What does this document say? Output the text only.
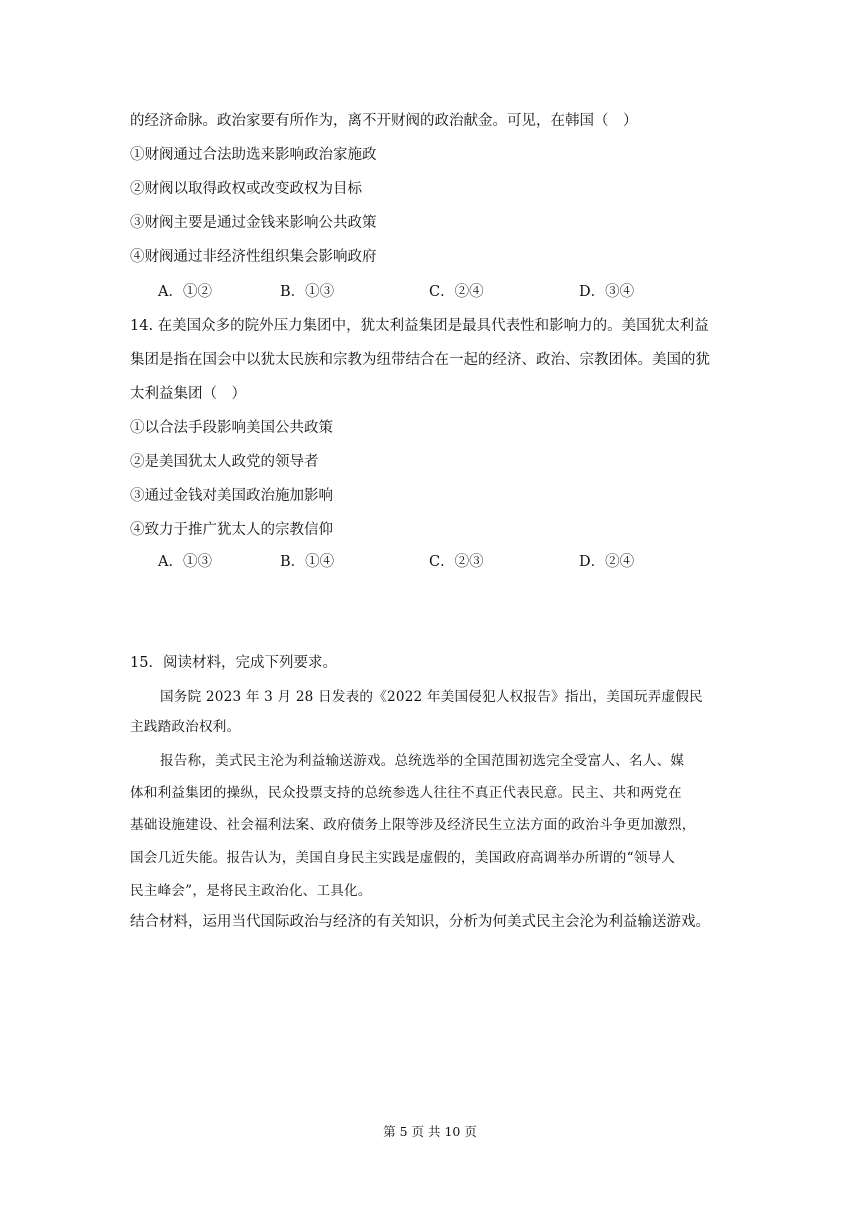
的经济命脉。政治家要有所作为，离不开财阀的政治献金。可见，在韩国（　）
①财阀通过合法助选来影响政治家施政
②财阀以取得政权或改变政权为目标
③财阀主要是通过金钱来影响公共政策
④财阀通过非经济性组织集会影响政府
A．①②	B．①③	C．②④	D．③④
14. 在美国众多的院外压力集团中，犹太利益集团是最具代表性和影响力的。美国犹太利益
集团是指在国会中以犹太民族和宗教为纽带结合在一起的经济、政治、宗教团体。美国的犹
太利益集团（　）
①以合法手段影响美国公共政策
②是美国犹太人政党的领导者
③通过金钱对美国政治施加影响
④致力于推广犹太人的宗教信仰
A．①③	B．①④	C．②③	D．②④
15．阅读材料，完成下列要求。
国务院 2023 年 3 月 28 日发表的《2022 年美国侵犯人权报告》指出，美国玩弄虚假民
主践踏政治权利。
报告称，美式民主沦为利益输送游戏。总统选举的全国范围初选完全受富人、名人、媒
体和利益集团的操纵，民众投票支持的总统参选人往往不真正代表民意。民主、共和两党在
基础设施建设、社会福利法案、政府债务上限等涉及经济民生立法方面的政治斗争更加激烈，
国会几近失能。报告认为，美国自身民主实践是虚假的，美国政府高调举办所谓的“领导人
民主峰会”，是将民主政治化、工具化。
结合材料，运用当代国际政治与经济的有关知识，分析为何美式民主会沦为利益输送游戏。
第 5 页 共 10 页
